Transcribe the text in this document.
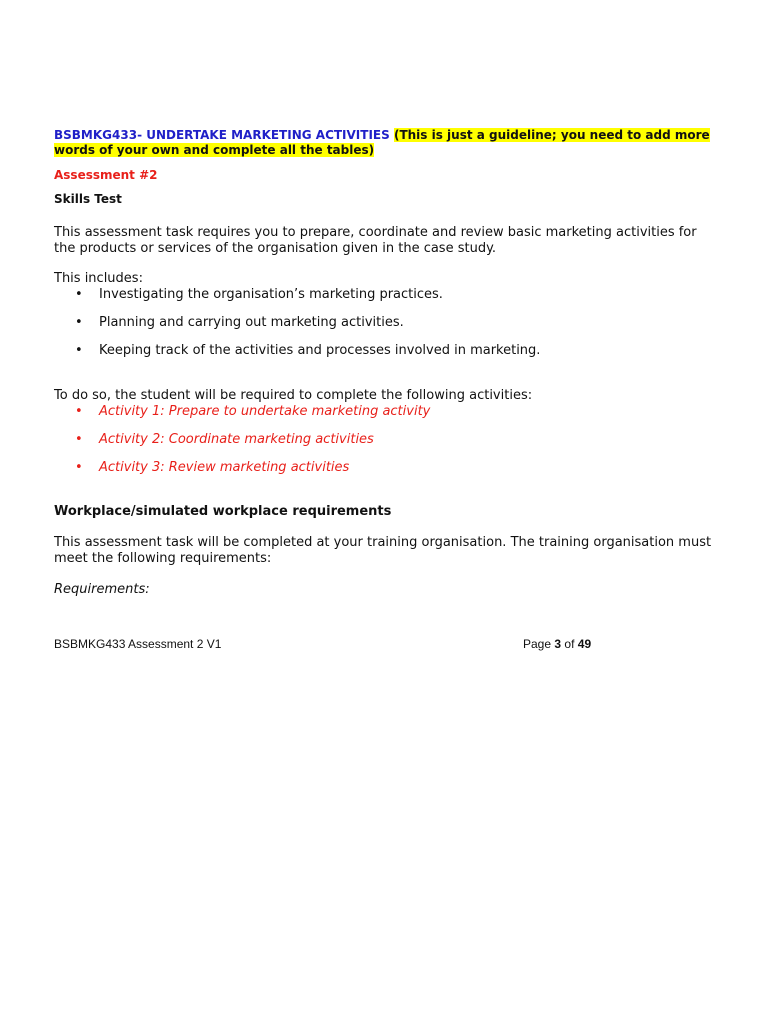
BSBMKG433- UNDERTAKE MARKETING ACTIVITIES (This is just a guideline; you need to add more words of your own and complete all the tables)

Assessment #2
Skills Test
This assessment task requires you to prepare, coordinate and review basic marketing activities for the products or services of the organisation given in the case study.
This includes:
• Investigating the organisation’s marketing practices.
• Planning and carrying out marketing activities.
• Keeping track of the activities and processes involved in marketing.
To do so, the student will be required to complete the following activities:
• Activity 1: Prepare to undertake marketing activity
• Activity 2: Coordinate marketing activities
• Activity 3: Review marketing activities
Workplace/simulated workplace requirements
This assessment task will be completed at your training organisation. The training organisation must meet the following requirements:
Requirements:
BSBMKG433 Assessment 2 V1	Page 3 of 49
